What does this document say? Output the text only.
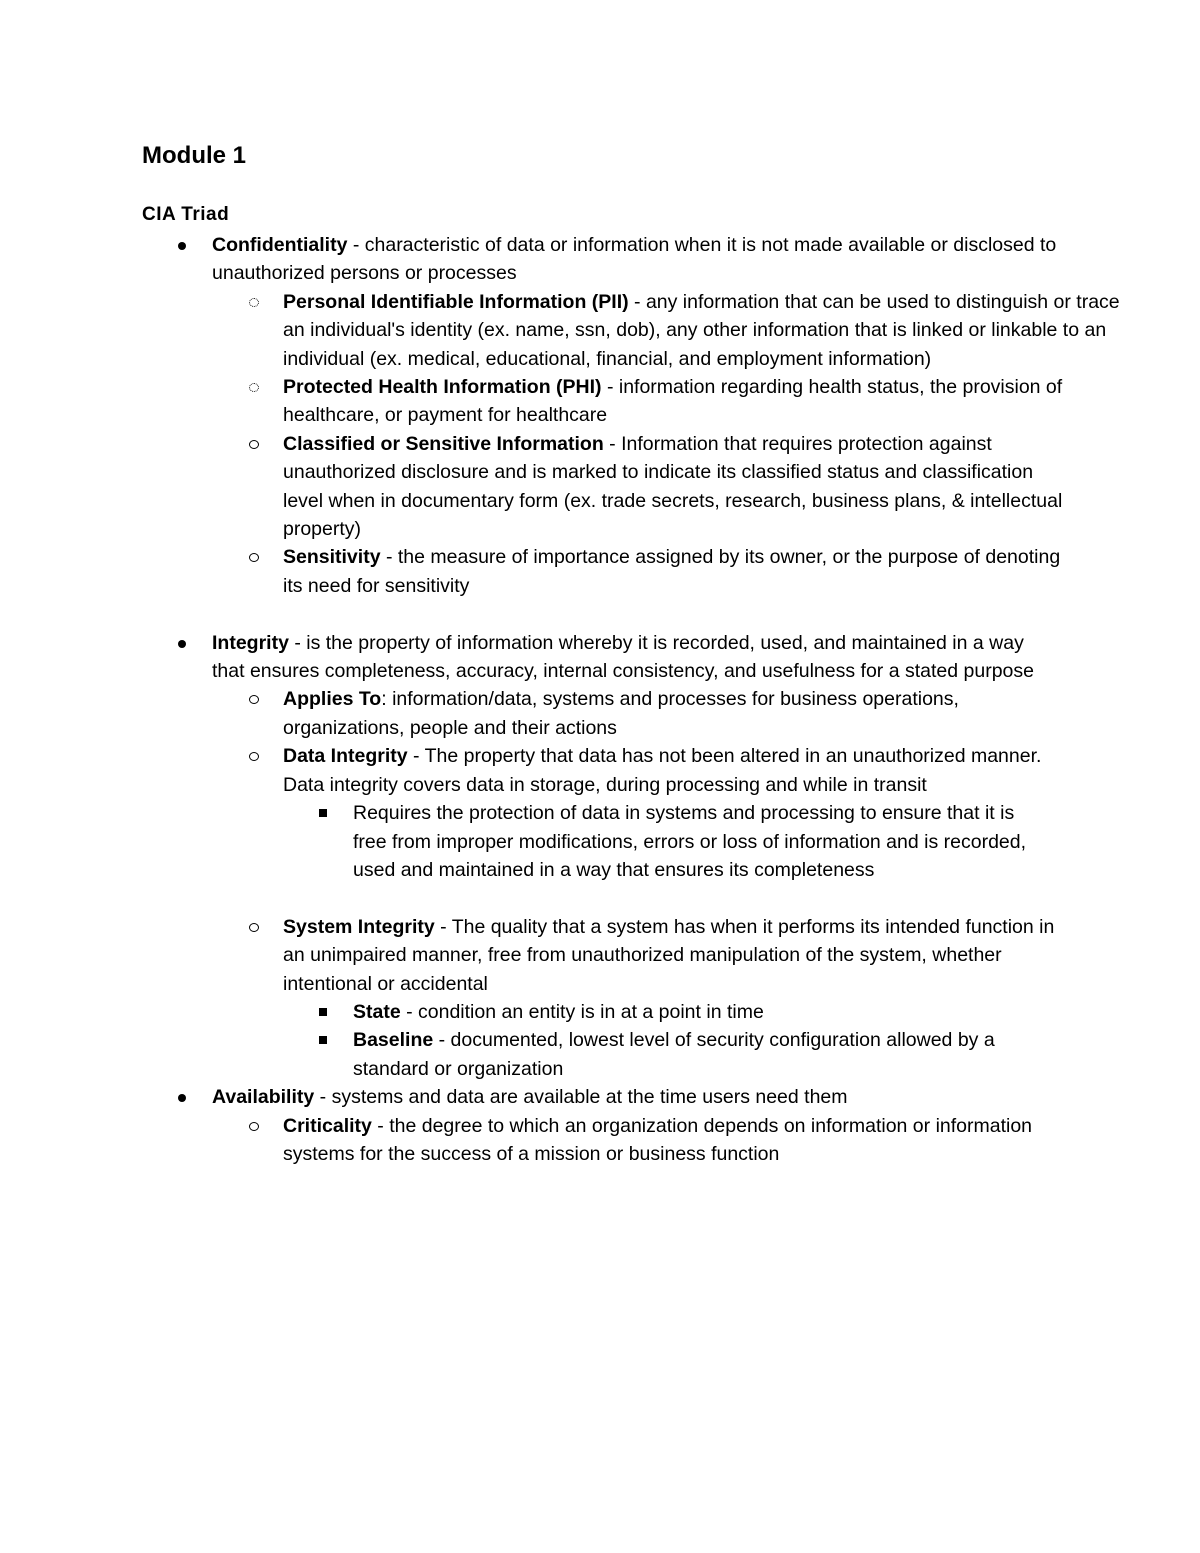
Module 1
CIA Triad
Confidentiality - characteristic of data or information when it is not made available or disclosed to unauthorized persons or processes
Personal Identifiable Information (PII) - any information that can be used to distinguish or trace an individual's identity (ex. name, ssn, dob), any other information that is linked or linkable to an individual (ex. medical, educational, financial, and employment information)
Protected Health Information (PHI) - information regarding health status, the provision of healthcare, or payment for healthcare
Classified or Sensitive Information - Information that requires protection against unauthorized disclosure and is marked to indicate its classified status and classification level when in documentary form (ex. trade secrets, research, business plans, & intellectual property)
Sensitivity - the measure of importance assigned by its owner, or the purpose of denoting its need for sensitivity
Integrity - is the property of information whereby it is recorded, used, and maintained in a way that ensures completeness, accuracy, internal consistency, and usefulness for a stated purpose
Applies To: information/data, systems and processes for business operations, organizations, people and their actions
Data Integrity - The property that data has not been altered in an unauthorized manner. Data integrity covers data in storage, during processing and while in transit
Requires the protection of data in systems and processing to ensure that it is free from improper modifications, errors or loss of information and is recorded, used and maintained in a way that ensures its completeness
System Integrity - The quality that a system has when it performs its intended function in an unimpaired manner, free from unauthorized manipulation of the system, whether intentional or accidental
State - condition an entity is in at a point in time
Baseline - documented, lowest level of security configuration allowed by a standard or organization
Availability - systems and data are available at the time users need them
Criticality - the degree to which an organization depends on information or information systems for the success of a mission or business function
